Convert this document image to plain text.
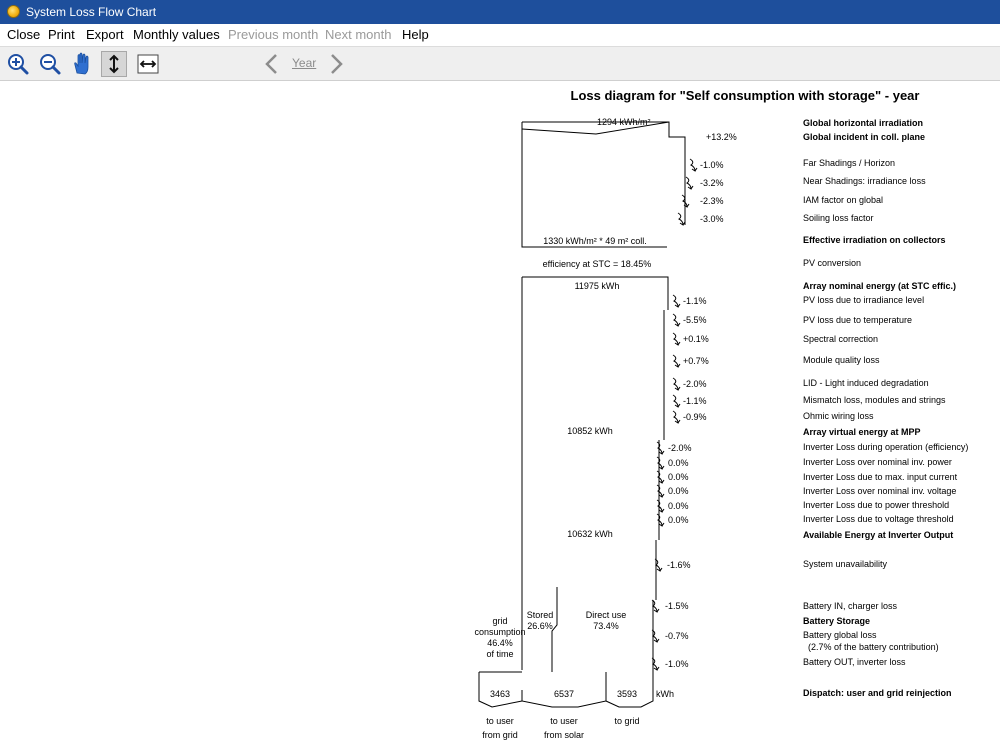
System Loss Flow Chart
Close Print Export Monthly values Previous month Next month Help
Year
Loss diagram for "Self consumption with storage" - year
1294 kWh/m²
+13.2%
-1.0%
-3.2%
-2.3%
-3.0%
1330 kWh/m² * 49 m² coll.
efficiency at STC = 18.45%
11975 kWh
-1.1%
-5.5%
+0.1%
+0.7%
-2.0%
-1.1%
-0.9%
10852 kWh
-2.0%
0.0%
0.0%
0.0%
0.0%
0.0%
10632 kWh
-1.6%
-1.5%
-0.7%
-1.0%
Stored
26.6%
Direct use
73.4%
grid
consumption
46.4%
of time
3463	6537	3593 kWh
to user
from grid
to user
from solar
to grid
Global horizontal irradiation
Global incident in coll. plane
Far Shadings / Horizon
Near Shadings: irradiance loss
IAM factor on global
Soiling loss factor
Effective irradiation on collectors
PV conversion
Array nominal energy (at STC effic.)
PV loss due to irradiance level
PV loss due to temperature
Spectral correction
Module quality loss
LID - Light induced degradation
Mismatch loss, modules and strings
Ohmic wiring loss
Array virtual energy at MPP
Inverter Loss during operation (efficiency)
Inverter Loss over nominal inv. power
Inverter Loss due to max. input current
Inverter Loss over nominal inv. voltage
Inverter Loss due to power threshold
Inverter Loss due to voltage threshold
Available Energy at Inverter Output
System unavailability
Battery IN, charger loss
Battery Storage
Battery global loss
(2.7% of the battery contribution)
Battery OUT, inverter loss
Dispatch: user and grid reinjection
